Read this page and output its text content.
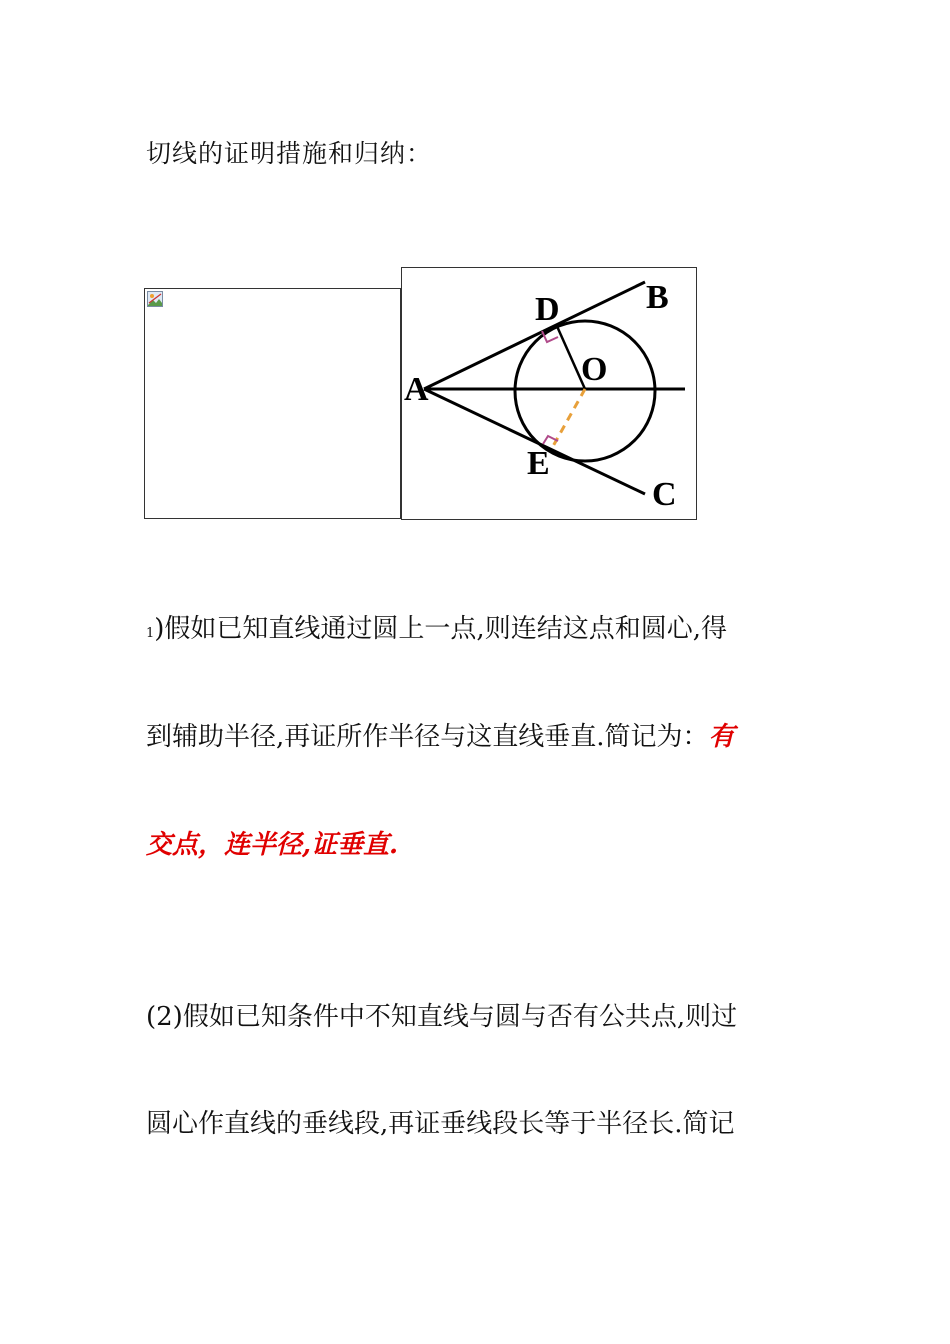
切线的证明措施和归纳：
A
B
C
D
E
O
1)假如已知直线通过圆上一点,则连结这点和圆心,得
到辅助半径,再证所作半径与这直线垂直.简记为：有
交点，连半径,证垂直.
(2)假如已知条件中不知直线与圆与否有公共点,则过
圆心作直线的垂线段,再证垂线段长等于半径长.简记
